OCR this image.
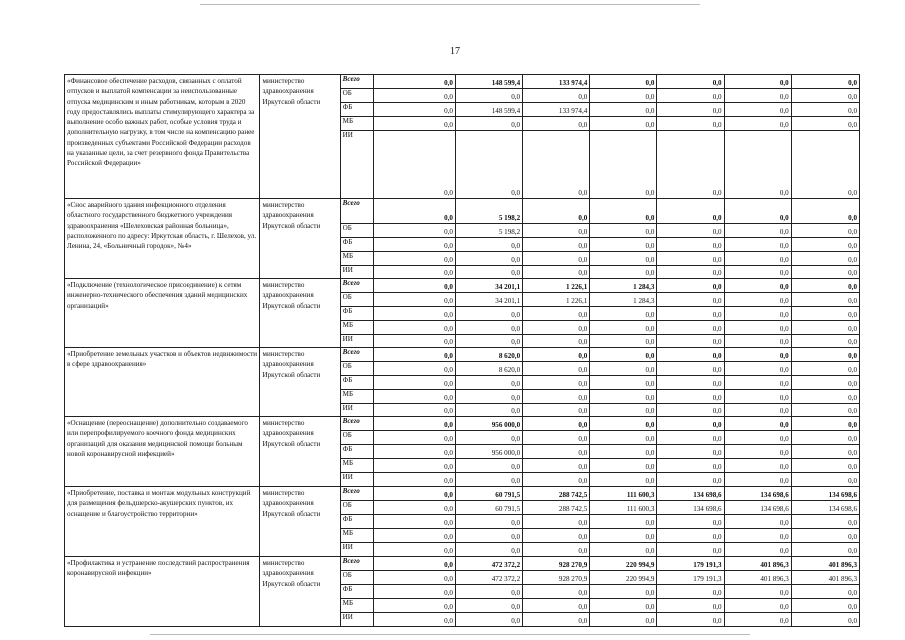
17
«Финансовое обеспечение расходов, связанных с оплатой отпусков и выплатой компенсации за неиспользованные отпуска медицинским и иным работникам, которым в 2020 году предоставлялись выплаты стимулирующего характера за выполнение особо важных работ, особые условия труда и дополнительную нагрузку, в том числе на компенсацию ранее произведенных субъектами Российской Федерации расходов на указанные цели, за счет резервного фонда Правительства Российской Федерации»	министерство здравоохранения Иркутской области	Всего	0,0	148 599,4	133 974,4	0,0	0,0	0,0	0,0
		ОБ	0,0	0,0	0,0	0,0	0,0	0,0	0,0
		ФБ	0,0	148 599,4	133 974,4	0,0	0,0	0,0	0,0
		МБ	0,0	0,0	0,0	0,0	0,0	0,0	0,0
		ИИ	0,0	0,0	0,0	0,0	0,0	0,0	0,0
«Снос аварийного здания инфекционного отделения областного государственного бюджетного учреждения здравоохранения «Шелеховская районная больница», расположенного по адресу: Иркутская область, г. Шелехов, ул. Ленина, 24, «Больничный городок», №4»	министерство здравоохранения Иркутской области	Всего	0,0	5 198,2	0,0	0,0	0,0	0,0	0,0
		ОБ	0,0	5 198,2	0,0	0,0	0,0	0,0	0,0
		ФБ	0,0	0,0	0,0	0,0	0,0	0,0	0,0
		МБ	0,0	0,0	0,0	0,0	0,0	0,0	0,0
		ИИ	0,0	0,0	0,0	0,0	0,0	0,0	0,0
«Подключение (технологическое присоединение) к сетям инженерно-технического обеспечения зданий медицинских организаций»	министерство здравоохранения Иркутской области	Всего	0,0	34 201,1	1 226,1	1 284,3	0,0	0,0	0,0
		ОБ	0,0	34 201,1	1 226,1	1 284,3	0,0	0,0	0,0
		ФБ	0,0	0,0	0,0	0,0	0,0	0,0	0,0
		МБ	0,0	0,0	0,0	0,0	0,0	0,0	0,0
		ИИ	0,0	0,0	0,0	0,0	0,0	0,0	0,0
«Приобретение земельных участков и объектов недвижимости в сфере здравоохранения»	министерство здравоохранения Иркутской области	Всего	0,0	8 620,0	0,0	0,0	0,0	0,0	0,0
		ОБ	0,0	8 620,0	0,0	0,0	0,0	0,0	0,0
		ФБ	0,0	0,0	0,0	0,0	0,0	0,0	0,0
		МБ	0,0	0,0	0,0	0,0	0,0	0,0	0,0
		ИИ	0,0	0,0	0,0	0,0	0,0	0,0	0,0
«Оснащение (переоснащение) дополнительно создаваемого или перепрофилируемого коечного фонда медицинских организаций для оказания медицинской помощи больным новой коронавирусной инфекцией»	министерство здравоохранения Иркутской области	Всего	0,0	956 000,0	0,0	0,0	0,0	0,0	0,0
		ОБ	0,0	0,0	0,0	0,0	0,0	0,0	0,0
		ФБ	0,0	956 000,0	0,0	0,0	0,0	0,0	0,0
		МБ	0,0	0,0	0,0	0,0	0,0	0,0	0,0
		ИИ	0,0	0,0	0,0	0,0	0,0	0,0	0,0
«Приобретение, поставка и монтаж модульных конструкций для размещения фельдшерско-акушерских пунктов, их оснащение и благоустройство территории»	министерство здравоохранения Иркутской области	Всего	0,0	60 791,5	288 742,5	111 600,3	134 698,6	134 698,6	134 698,6
		ОБ	0,0	60 791,5	288 742,5	111 600,3	134 698,6	134 698,6	134 698,6
		ФБ	0,0	0,0	0,0	0,0	0,0	0,0	0,0
		МБ	0,0	0,0	0,0	0,0	0,0	0,0	0,0
		ИИ	0,0	0,0	0,0	0,0	0,0	0,0	0,0
«Профилактика и устранение последствий распространения коронавирусной инфекции»	министерство здравоохранения Иркутской области	Всего	0,0	472 372,2	928 270,9	220 994,9	179 191,3	401 896,3	401 896,3
		ОБ	0,0	472 372,2	928 270,9	220 994,9	179 191,3	401 896,3	401 896,3
		ФБ	0,0	0,0	0,0	0,0	0,0	0,0	0,0
		МБ	0,0	0,0	0,0	0,0	0,0	0,0	0,0
		ИИ	0,0	0,0	0,0	0,0	0,0	0,0	0,0
